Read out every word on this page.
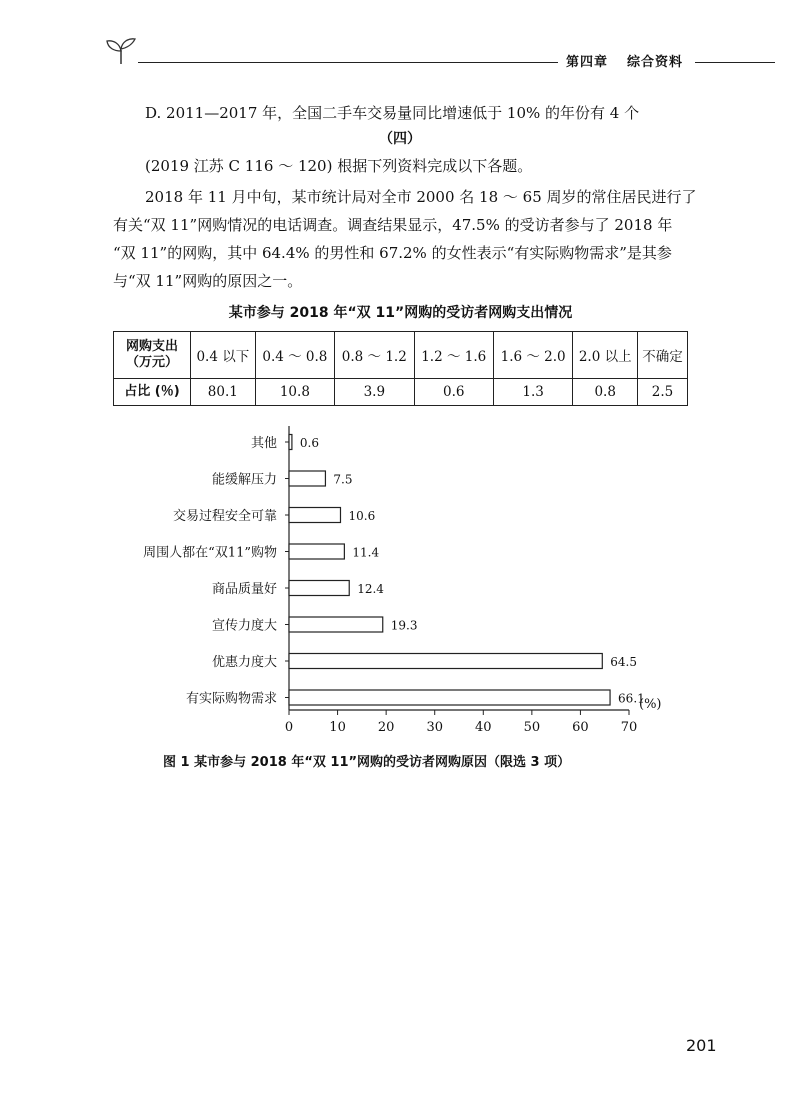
第四章 综合资料
D. 2011—2017 年，全国二手车交易量同比增速低于 10% 的年份有 4 个
（四）
(2019 江苏 C 116 ～ 120) 根据下列资料完成以下各题。
2018 年 11 月中旬，某市统计局对全市 2000 名 18 ～ 65 周岁的常住居民进行了
有关“双 11”网购情况的电话调查。调查结果显示，47.5% 的受访者参与了 2018 年
“双 11”的网购，其中 64.4% 的男性和 67.2% 的女性表示“有实际购物需求”是其参
与“双 11”网购的原因之一。
某市参与 2018 年“双 11”网购的受访者网购支出情况
网购支出
（万元）	0.4 以下	0.4 ～ 0.8	0.8 ～ 1.2	1.2 ～ 1.6	1.6 ～ 2.0	2.0 以上	不确定
占比 (％)	80.1	10.8	3.9	0.6	1.3	0.8	2.5
其他 0.6
能缓解压力	7.5
交易过程安全可靠	10.6
周围人都在“双11”购物	11.4
商品质量好	12.4
宣传力度大	19.3
优惠力度大	64.5
有实际购物需求	66.1
0	10 20 30 40 50 60 70
(%)
图 1 某市参与 2018 年“双 11”网购的受访者网购原因（限选 3 项）
201
